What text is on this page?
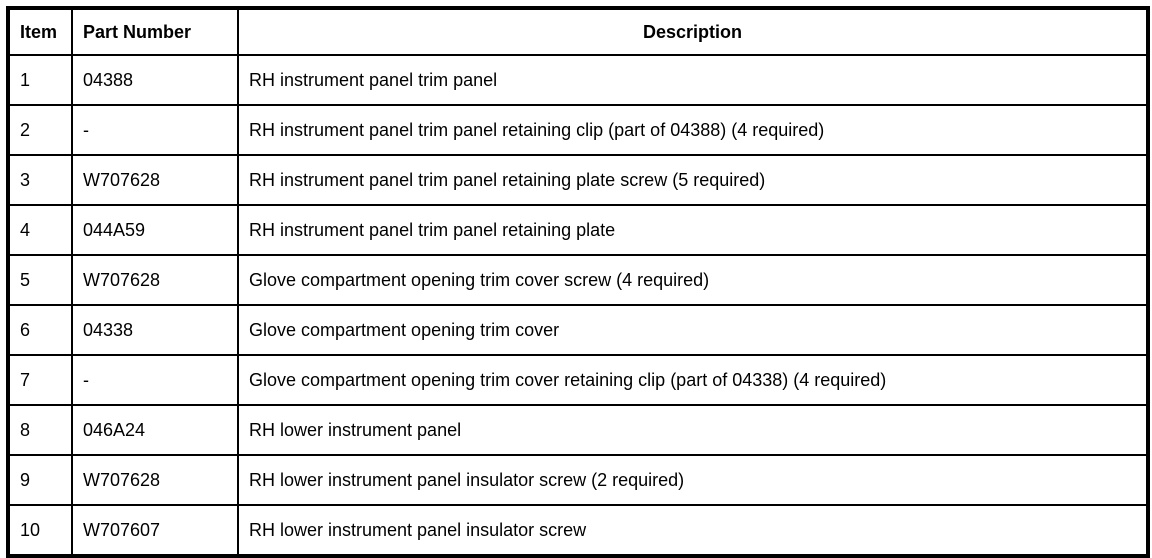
Item	Part Number	Description
1	04388	RH instrument panel trim panel
2	-	RH instrument panel trim panel retaining clip (part of 04388) (4 required)
3	W707628	RH instrument panel trim panel retaining plate screw (5 required)
4	044A59	RH instrument panel trim panel retaining plate
5	W707628	Glove compartment opening trim cover screw (4 required)
6	04338	Glove compartment opening trim cover
7	-	Glove compartment opening trim cover retaining clip (part of 04338) (4 required)
8	046A24	RH lower instrument panel
9	W707628	RH lower instrument panel insulator screw (2 required)
10	W707607	RH lower instrument panel insulator screw
